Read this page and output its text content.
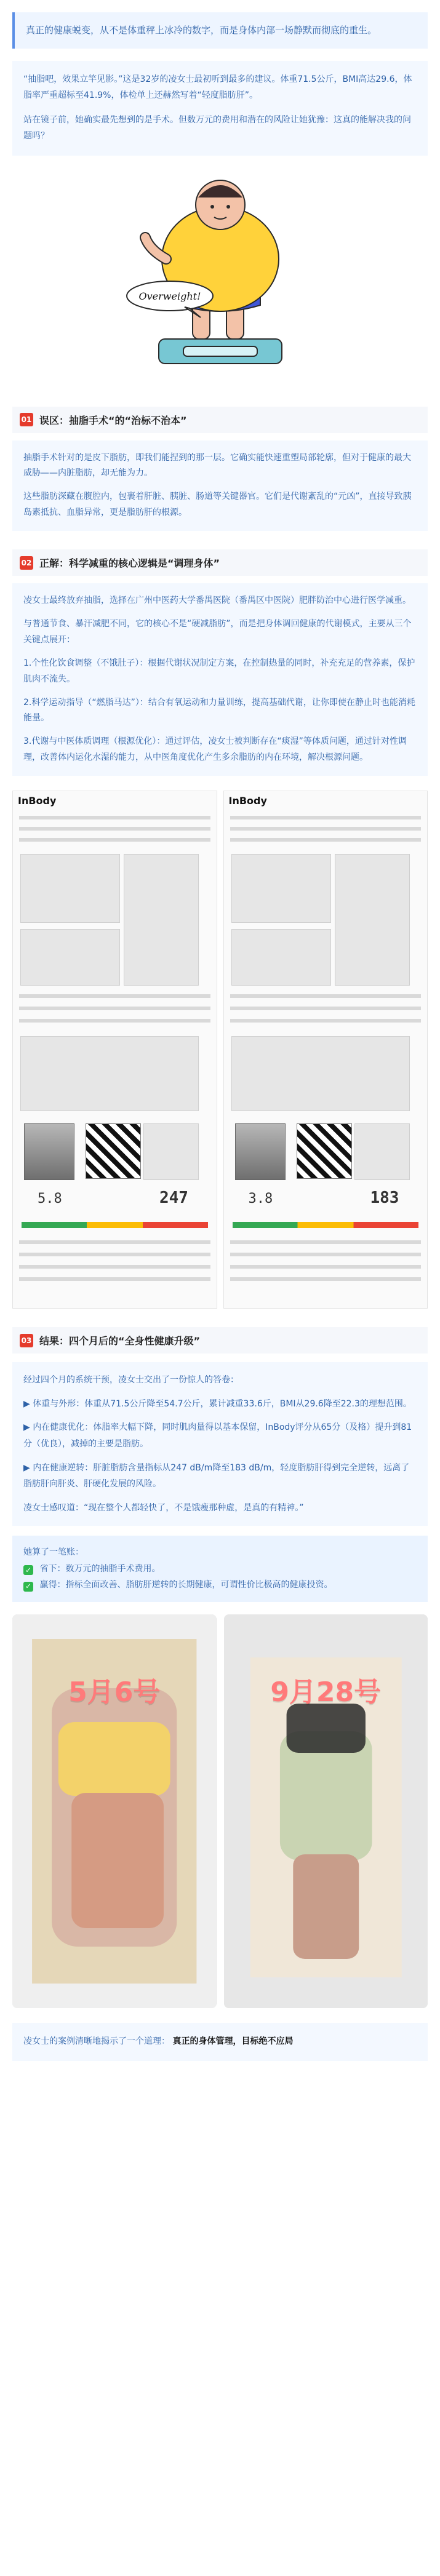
真正的健康蜕变，从不是体重秤上冰冷的数字，而是身体内部一场静默而彻底的重生。

“抽脂吧，效果立竿见影。”这是32岁的凌女士最初听到最多的建议。体重71.5公斤，BMI高达29.6，体脂率严重超标至41.9%，体检单上还赫然写着“轻度脂肪肝”。

站在镜子前，她确实最先想到的是手术。但数万元的费用和潜在的风险让她犹豫：这真的能解决我的问题吗？

Overweight!
01 误区：抽脂手术“的“治标不治本”

抽脂手术针对的是皮下脂肪，即我们能捏到的那一层。它确实能快速重塑局部轮廓，但对于健康的最大威胁——内脏脂肪，却无能为力。

这些脂肪深藏在腹腔内，包裹着肝脏、胰脏、肠道等关键器官。它们是代谢紊乱的“元凶”，直接导致胰岛素抵抗、血脂异常，更是脂肪肝的根源。

02 正解：科学减重的核心逻辑是“调理身体”

凌女士最终放弃抽脂，选择在广州中医药大学番禺医院（番禺区中医院）肥胖防治中心进行医学减重。

与普通节食、暴汗减肥不同，它的核心不是“硬减脂肪”，而是把身体调回健康的代谢模式，主要从三个关键点展开：

1.个性化饮食调整（不饿肚子）：根据代谢状况制定方案，在控制热量的同时，补充充足的营养素，保护肌肉不流失。

2.科学运动指导（“燃脂马达”）：结合有氧运动和力量训练，提高基础代谢，让你即使在静止时也能消耗能量。

3.代谢与中医体质调理（根源优化）：通过评估，凌女士被判断存在“痰湿”等体质问题，通过针对性调理，改善体内运化水湿的能力，从中医角度优化产生多余脂肪的内在环境，解决根源问题。

InBody
5.8	247
InBody
3.8	183
03 结果：四个月后的“全身性健康升级”

经过四个月的系统干预，凌女士交出了一份惊人的答卷：

▶ 体重与外形：体重从71.5公斤降至54.7公斤，累计减重33.6斤，BMI从29.6降至22.3的理想范围。

▶ 内在健康优化：体脂率大幅下降，同时肌肉量得以基本保留，InBody评分从65分（及格）提升到81分（优良），减掉的主要是脂肪。

▶ 内在健康逆转：肝脏脂肪含量指标从247 dB/m降至183 dB/m，轻度脂肪肝得到完全逆转，远离了脂肪肝向肝炎、肝硬化发展的风险。

凌女士感叹道：“现在整个人都轻快了，不是饿瘦那种虚，是真的有精神。”

她算了一笔账：
✓ 省下：数万元的抽脂手术费用。
✓ 赢得：指标全面改善、脂肪肝逆转的长期健康，可谓性价比极高的健康投资。
5月6号	9月28号
凌女士的案例清晰地揭示了一个道理： 真正的身体管理，目标绝不应局
